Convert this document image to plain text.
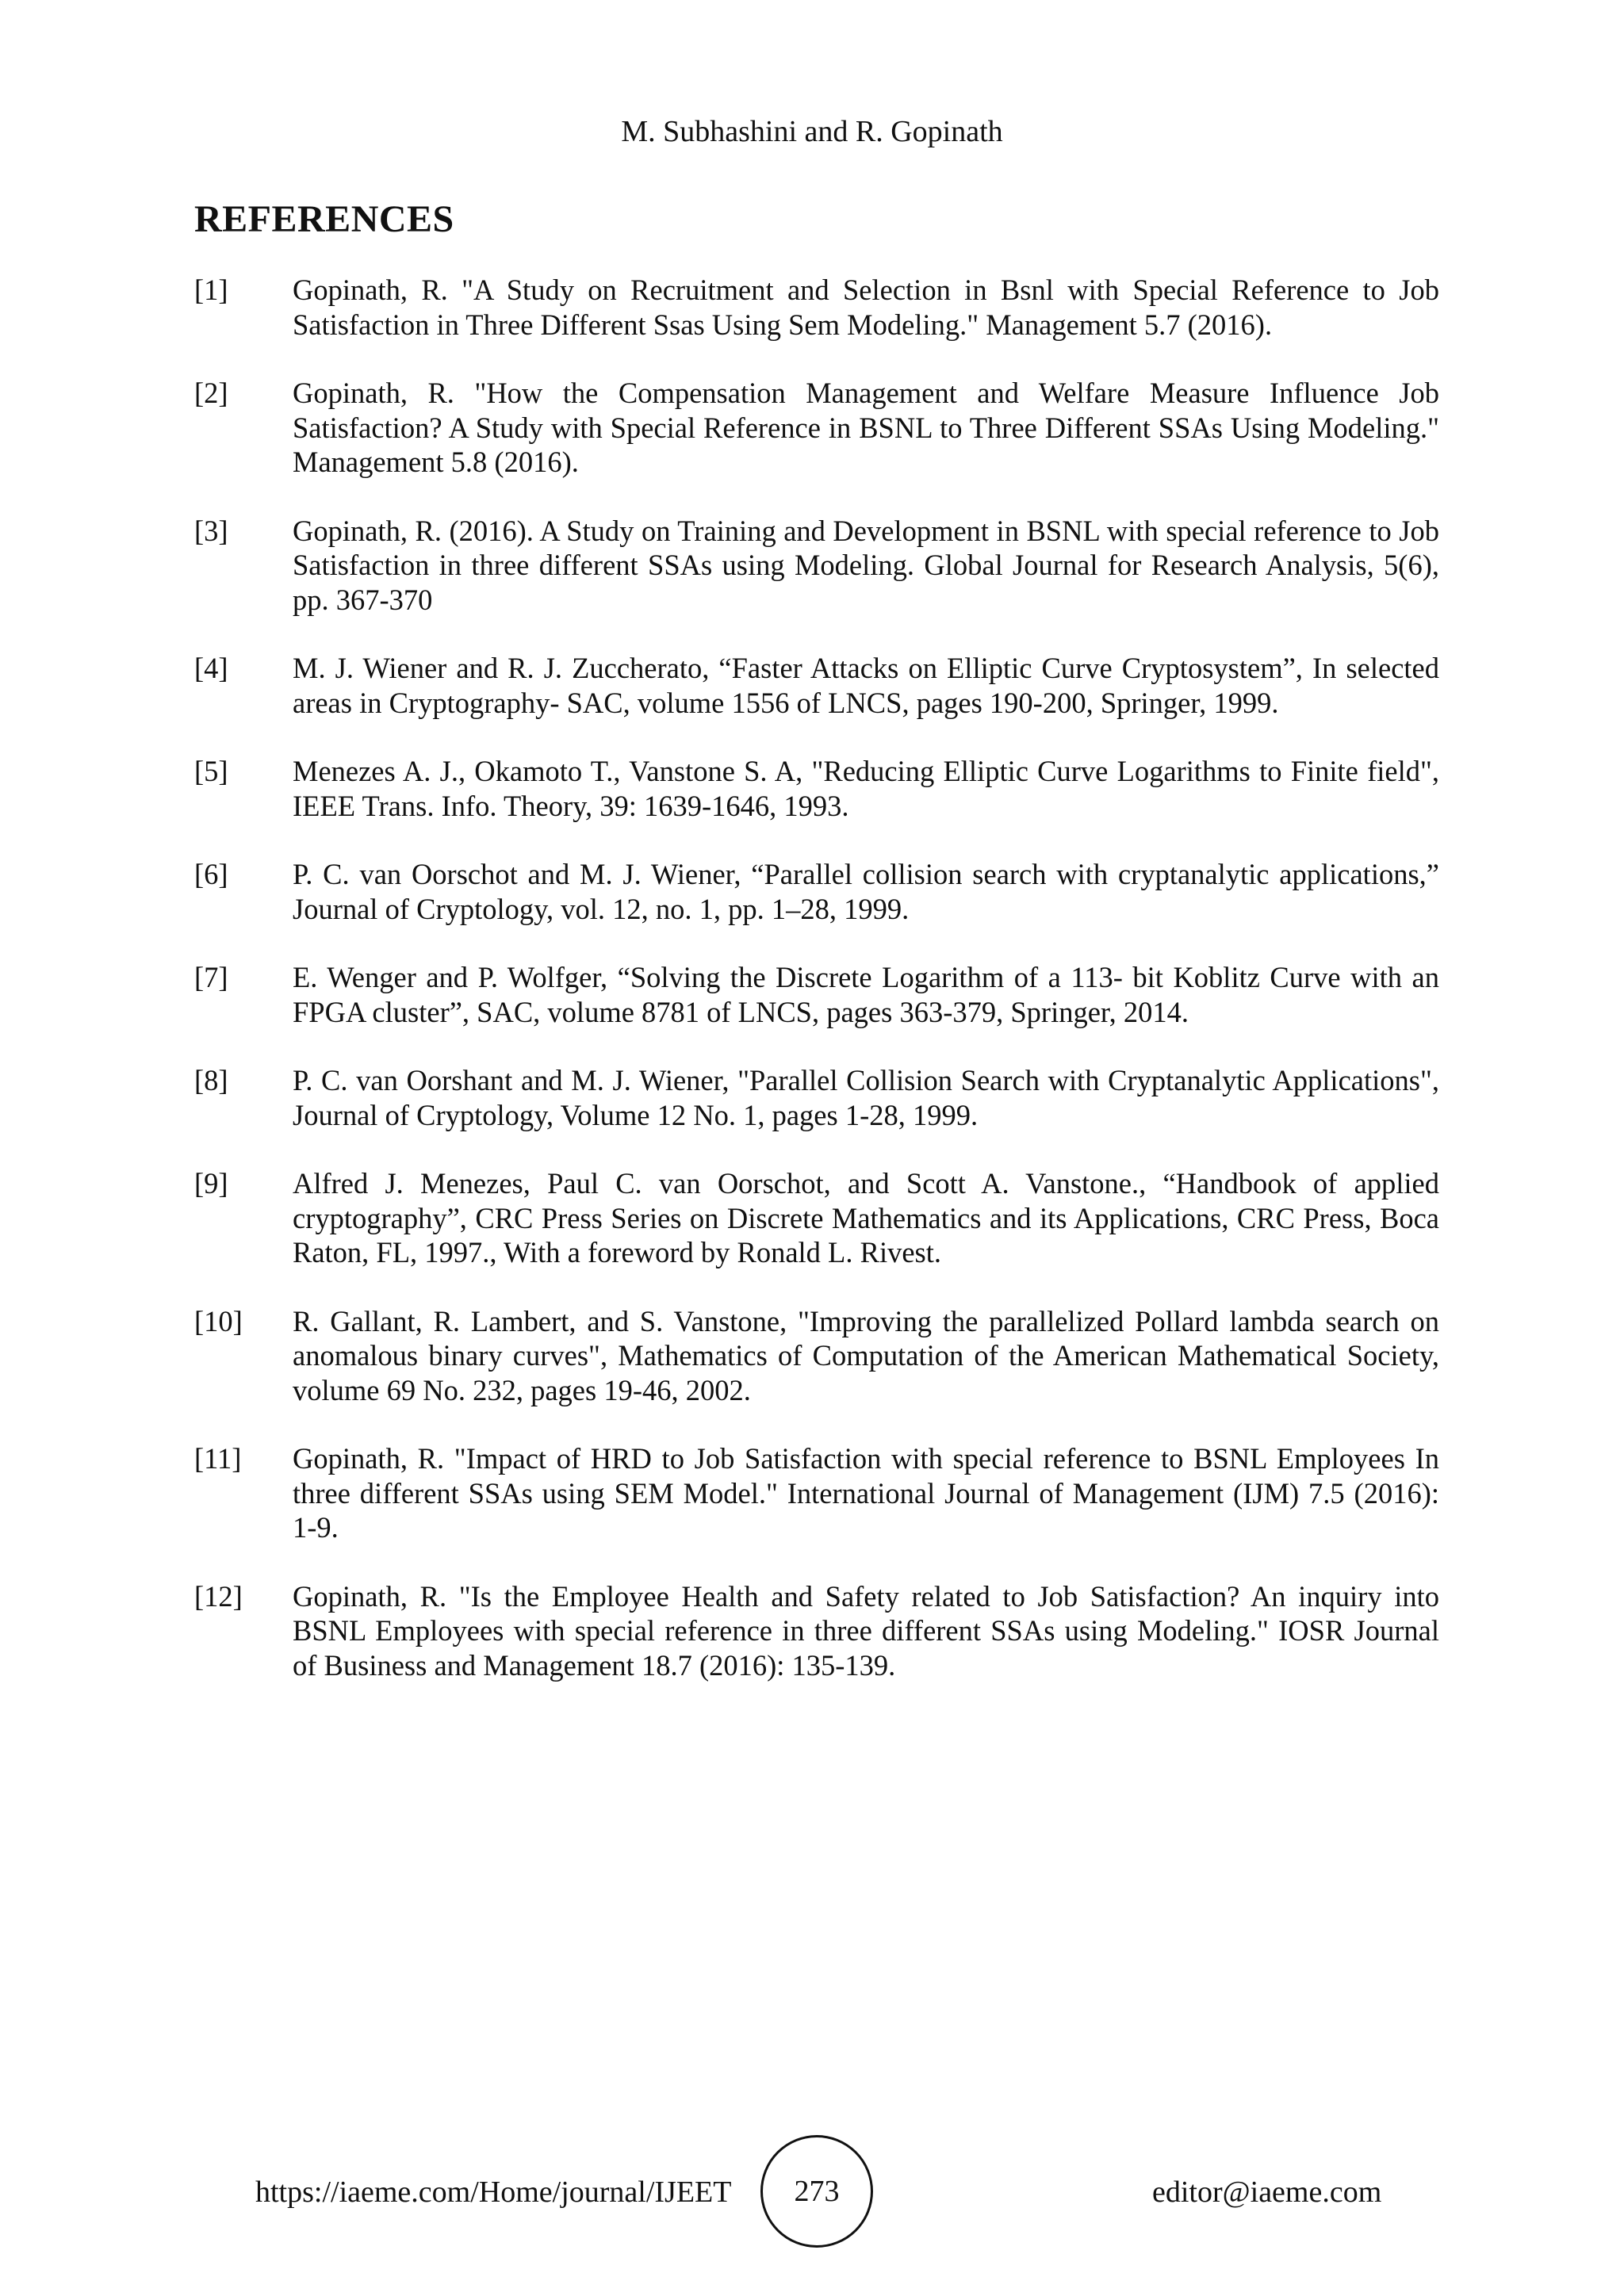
M. Subhashini and R. Gopinath
REFERENCES
[1]	Gopinath, R. "A Study on Recruitment and Selection in Bsnl with Special Reference to Job Satisfaction in Three Different Ssas Using Sem Modeling." Management 5.7 (2016).
[2]	Gopinath, R. "How the Compensation Management and Welfare Measure Influence Job Satisfaction? A Study with Special Reference in BSNL to Three Different SSAs Using Modeling." Management 5.8 (2016).
[3]	Gopinath, R. (2016). A Study on Training and Development in BSNL with special reference to Job Satisfaction in three different SSAs using Modeling. Global Journal for Research Analysis, 5(6), pp. 367-370
[4]	M. J. Wiener and R. J. Zuccherato, “Faster Attacks on Elliptic Curve Cryptosystem”, In selected areas in Cryptography- SAC, volume 1556 of LNCS, pages 190-200, Springer, 1999.
[5]	Menezes A. J., Okamoto T., Vanstone S. A, "Reducing Elliptic Curve Logarithms to Finite field", IEEE Trans. Info. Theory, 39: 1639-1646, 1993.
[6]	P. C. van Oorschot and M. J. Wiener, “Parallel collision search with cryptanalytic applications,” Journal of Cryptology, vol. 12, no. 1, pp. 1–28, 1999.
[7]	E. Wenger and P. Wolfger, “Solving the Discrete Logarithm of a 113- bit Koblitz Curve with an FPGA cluster”, SAC, volume 8781 of LNCS, pages 363-379, Springer, 2014.
[8]	P. C. van Oorshant and M. J. Wiener, "Parallel Collision Search with Cryptanalytic Applications", Journal of Cryptology, Volume 12 No. 1, pages 1-28, 1999.
[9]	Alfred J. Menezes, Paul C. van Oorschot, and Scott A. Vanstone., “Handbook of applied cryptography”, CRC Press Series on Discrete Mathematics and its Applications, CRC Press, Boca Raton, FL, 1997., With a foreword by Ronald L. Rivest.
[10]	R. Gallant, R. Lambert, and S. Vanstone, "Improving the parallelized Pollard lambda search on anomalous binary curves", Mathematics of Computation of the American Mathematical Society, volume 69 No. 232, pages 19-46, 2002.
[11]	Gopinath, R. "Impact of HRD to Job Satisfaction with special reference to BSNL Employees In three different SSAs using SEM Model." International Journal of Management (IJM) 7.5 (2016): 1-9.
[12]	Gopinath, R. "Is the Employee Health and Safety related to Job Satisfaction? An inquiry into BSNL Employees with special reference in three different SSAs using Modeling." IOSR Journal of Business and Management 18.7 (2016): 135-139.
https://iaeme.com/Home/journal/IJEET 273	editor@iaeme.com
